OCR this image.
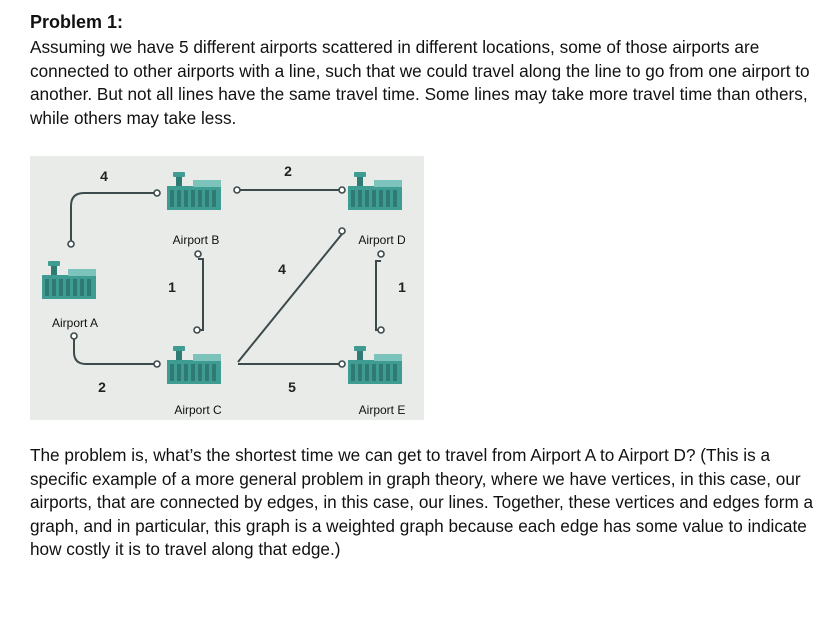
Problem 1:
Assuming we have 5 different airports scattered in different locations, some of those airports are connected to other airports with a line, such that we could travel along the line to go from one airport to another. But not all lines have the same travel time. Some lines may take more travel time than others, while others may take less.
Airport A
Airport B
Airport C
Airport D
Airport E
4	2
1
4
1
2	5
The problem is, what’s the shortest time we can get to travel from Airport A to Airport D? (This is a specific example of a more general problem in graph theory, where we have vertices, in this case, our airports, that are connected by edges, in this case, our lines. Together, these vertices and edges form a graph, and in particular, this graph is a weighted graph because each edge has some value to indicate how costly it is to travel along that edge.)
